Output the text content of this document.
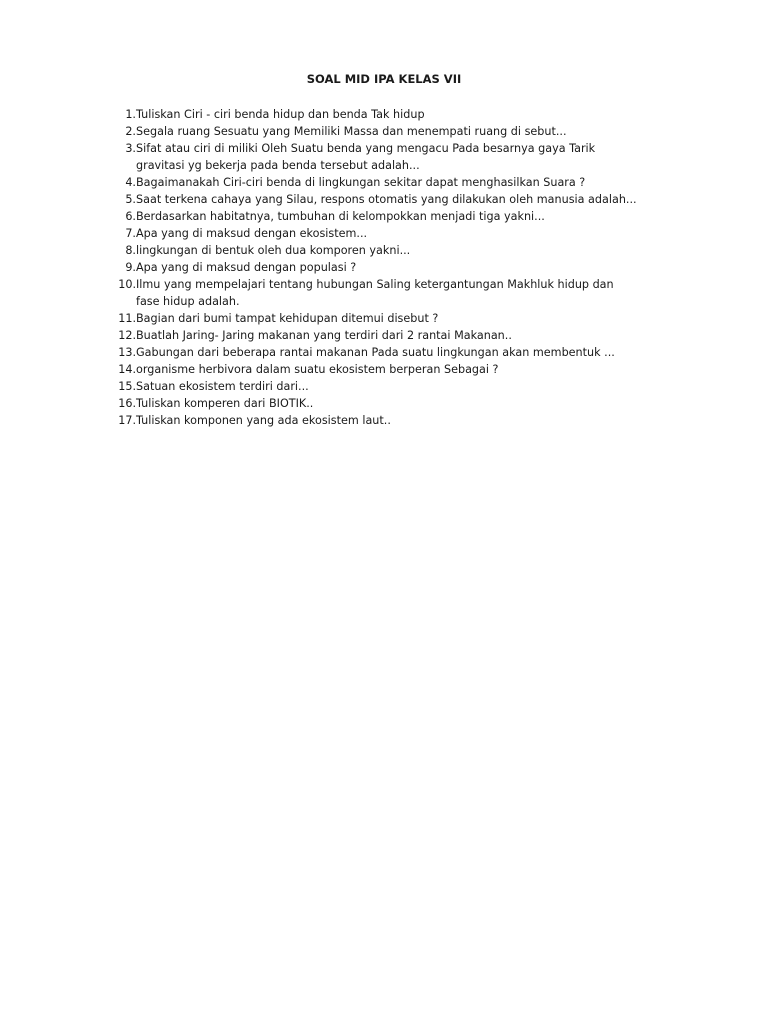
SOAL MID IPA KELAS VII
1. Tuliskan Ciri - ciri benda hidup dan benda Tak hidup
2. Segala ruang Sesuatu yang Memiliki Massa dan menempati ruang di sebut...
3. Sifat atau ciri di miliki Oleh Suatu benda yang mengacu Pada besarnya gaya Tarik
gravitasi yg bekerja pada benda tersebut adalah...
4. Bagaimanakah Ciri-ciri benda di lingkungan sekitar dapat menghasilkan Suara ?
5. Saat terkena cahaya yang Silau, respons otomatis yang dilakukan oleh manusia adalah...
6. Berdasarkan habitatnya, tumbuhan di kelompokkan menjadi tiga yakni...
7. Apa yang di maksud dengan ekosistem...
8. lingkungan di bentuk oleh dua komporen yakni...
9. Apa yang di maksud dengan populasi ?
10. Ilmu yang mempelajari tentang hubungan Saling ketergantungan Makhluk hidup dan
fase hidup adalah.
11. Bagian dari bumi tampat kehidupan ditemui disebut ?
12. Buatlah Jaring- Jaring makanan yang terdiri dari 2 rantai Makanan..
13. Gabungan dari beberapa rantai makanan Pada suatu lingkungan akan membentuk ...
14. organisme herbivora dalam suatu ekosistem berperan Sebagai ?
15. Satuan ekosistem terdiri dari...
16. Tuliskan komperen dari BIOTIK..
17. Tuliskan komponen yang ada ekosistem laut..
